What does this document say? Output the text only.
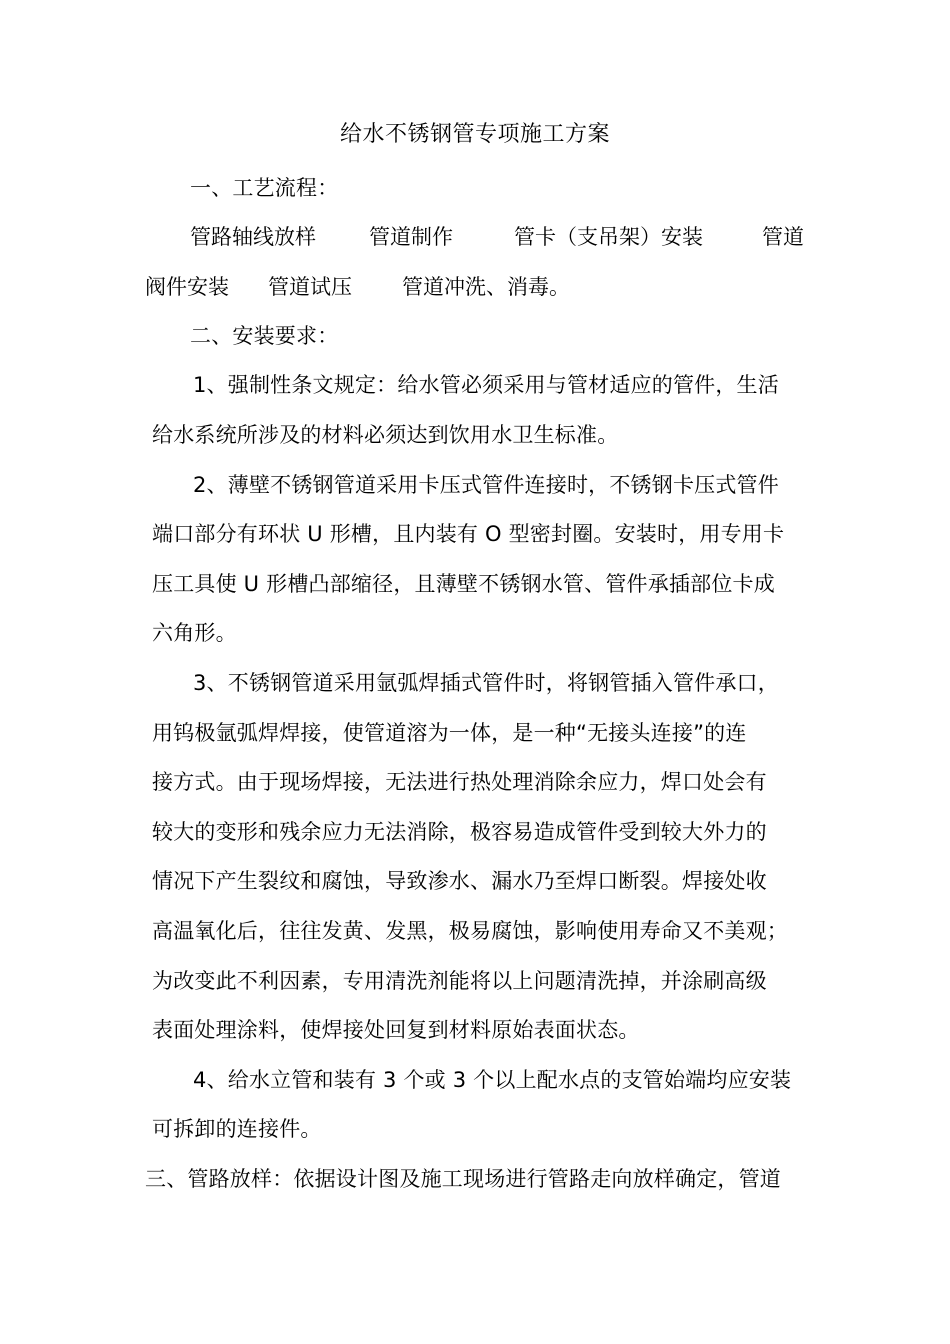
给水不锈钢管专项施工方案
一、工艺流程：
管路轴线放样	管道制作	管卡（支吊架）安装	管道
阀件安装 管道试压 管道冲洗、消毒。
二、安装要求：
1、强制性条文规定：给水管必须采用与管材适应的管件，生活
给水系统所涉及的材料必须达到饮用水卫生标准。
2、薄壁不锈钢管道采用卡压式管件连接时，不锈钢卡压式管件
端口部分有环状 U 形槽，且内装有 O 型密封圈。安装时，用专用卡
压工具使 U 形槽凸部缩径，且薄壁不锈钢水管、管件承插部位卡成
六角形。
3、不锈钢管道采用氩弧焊插式管件时，将钢管插入管件承口，
用钨极氩弧焊焊接，使管道溶为一体，是一种“无接头连接”的连
接方式。由于现场焊接，无法进行热处理消除余应力，焊口处会有
较大的变形和残余应力无法消除，极容易造成管件受到较大外力的
情况下产生裂纹和腐蚀，导致渗水、漏水乃至焊口断裂。焊接处收
高温氧化后，往往发黄、发黑，极易腐蚀，影响使用寿命又不美观；
为改变此不利因素，专用清洗剂能将以上问题清洗掉，并涂刷高级
表面处理涂料，使焊接处回复到材料原始表面状态。
4、给水立管和装有 3 个或 3 个以上配水点的支管始端均应安装
可拆卸的连接件。
三、管路放样：依据设计图及施工现场进行管路走向放样确定，管道
